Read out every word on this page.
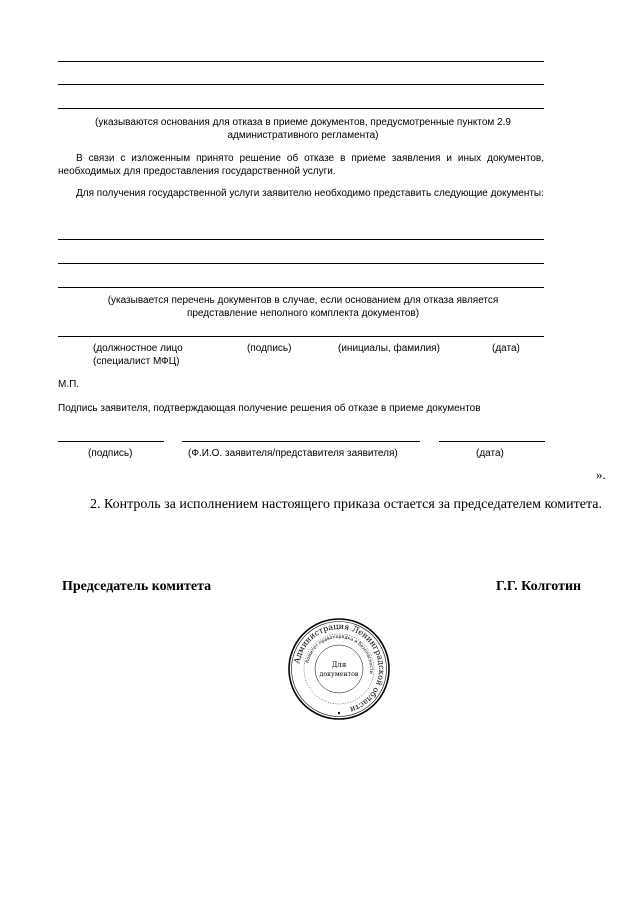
(указываются основания для отказа в приеме документов, предусмотренные пунктом 2.9 административного регламента)

В связи с изложенным принято решение об отказе в приеме заявления и иных документов, необходимых для предоставления государственной услуги.

Для получения государственной услуги заявителю необходимо представить следующие документы:

(указывается перечень документов в случае, если основанием для отказа является представление неполного комплекта документов)

(должностное лицо

(специалист МФЦ)

(подпись)	(инициалы, фамилия)	(дата)

М.П.

Подпись заявителя, подтверждающая получение решения об отказе в приеме документов

(подпись)	(Ф.И.О. заявителя/представителя заявителя)	(дата)

».

2. Контроль за исполнением настоящего приказа остается за председателем комитета.

Председатель комитета	Г.Г. Колготин

Администрация Ленинградской области
Комитет правопорядка и безопасности
Для
документов
